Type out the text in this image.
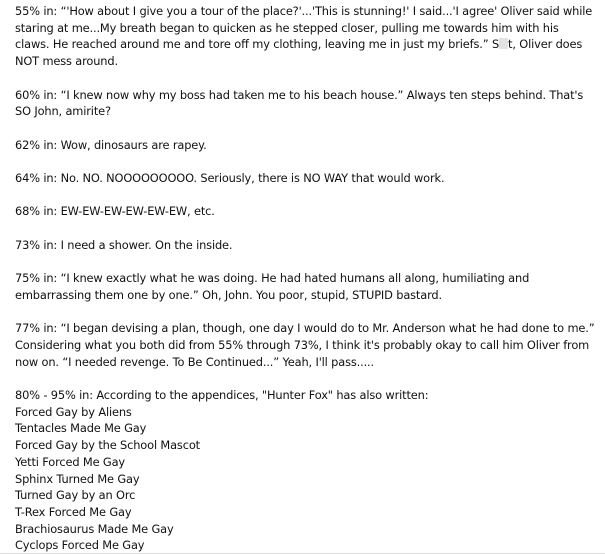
55% in: “'How about I give you a tour of the place?'...'This is stunning!' I said...'I agree' Oliver said while staring at me...My breath began to quicken as he stepped closer, pulling me towards him with his claws. He reached around me and tore off my clothing, leaving me in just my briefs.” S t, Oliver does NOT mess around.

60% in: “I knew now why my boss had taken me to his beach house.” Always ten steps behind. That's SO John, amirite?

62% in: Wow, dinosaurs are rapey.

64% in: No. NO. NOOOOOOOOO. Seriously, there is NO WAY that would work.

68% in: EW-EW-EW-EW-EW-EW, etc.

73% in: I need a shower. On the inside.

75% in: “I knew exactly what he was doing. He had hated humans all along, humiliating and embarrassing them one by one.” Oh, John. You poor, stupid, STUPID bastard.

77% in: “I began devising a plan, though, one day I would do to Mr. Anderson what he had done to me.” Considering what you both did from 55% through 73%, I think it's probably okay to call him Oliver from now on. “I needed revenge. To Be Continued...” Yeah, I'll pass.....

80% - 95% in: According to the appendices, "Hunter Fox" has also written:
Forced Gay by Aliens
Tentacles Made Me Gay
Forced Gay by the School Mascot
Yetti Forced Me Gay
Sphinx Turned Me Gay
Turned Gay by an Orc
T-Rex Forced Me Gay
Brachiosaurus Made Me Gay
Cyclops Forced Me Gay
